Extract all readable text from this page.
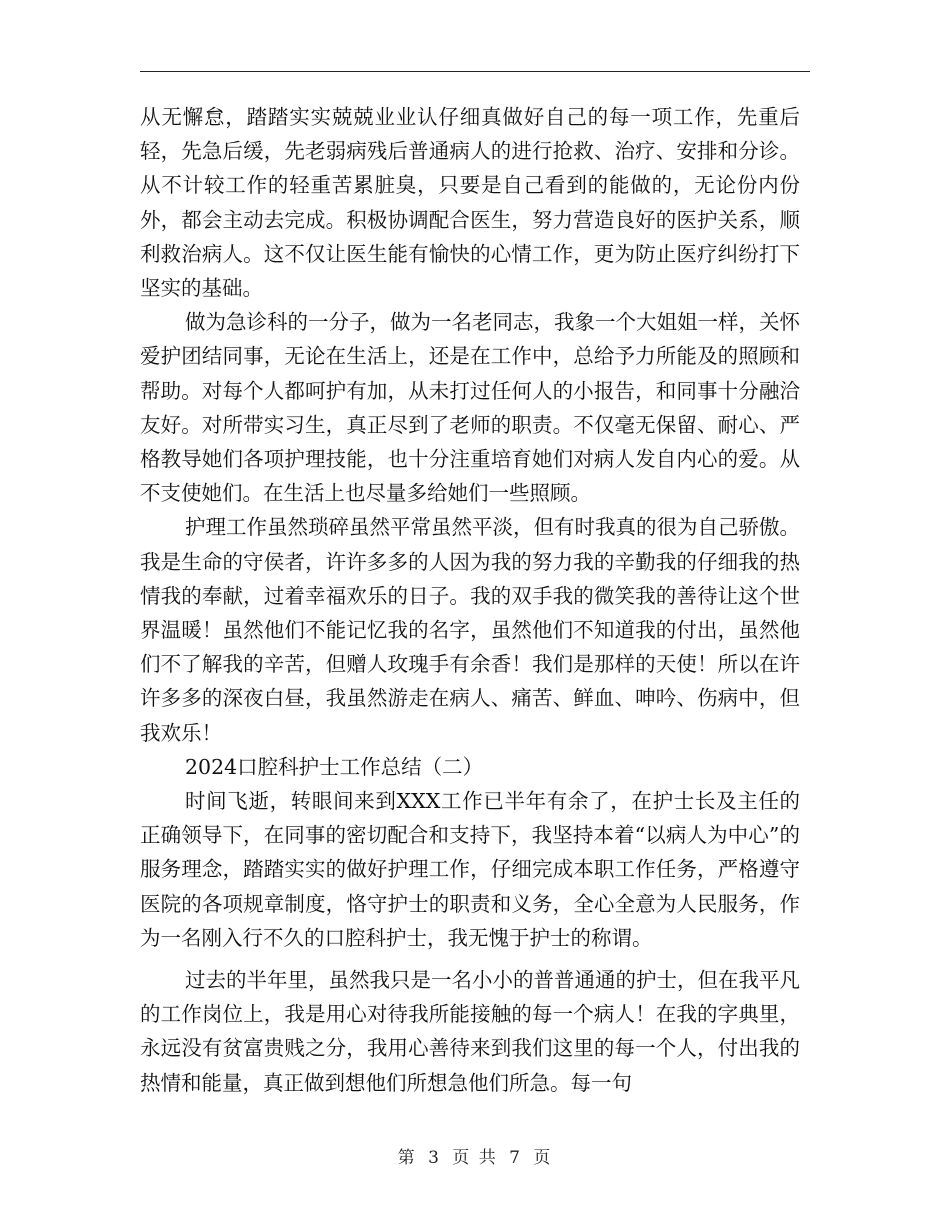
从无懈怠，踏踏实实兢兢业业认仔细真做好自己的每一项工作，先重后轻，先急后缓，先老弱病残后普通病人的进行抢救、治疗、安排和分诊。从不计较工作的轻重苦累脏臭，只要是自己看到的能做的，无论份内份外，都会主动去完成。积极协调配合医生，努力营造良好的医护关系，顺利救治病人。这不仅让医生能有愉快的心情工作，更为防止医疗纠纷打下坚实的基础。

做为急诊科的一分子，做为一名老同志，我象一个大姐姐一样，关怀爱护团结同事，无论在生活上，还是在工作中，总给予力所能及的照顾和帮助。对每个人都呵护有加，从未打过任何人的小报告，和同事十分融洽友好。对所带实习生，真正尽到了老师的职责。不仅毫无保留、耐心、严格教导她们各项护理技能，也十分注重培育她们对病人发自内心的爱。从不支使她们。在生活上也尽量多给她们一些照顾。

护理工作虽然琐碎虽然平常虽然平淡，但有时我真的很为自己骄傲。我是生命的守侯者，许许多多的人因为我的努力我的辛勤我的仔细我的热情我的奉献，过着幸福欢乐的日子。我的双手我的微笑我的善待让这个世界温暖！虽然他们不能记忆我的名字，虽然他们不知道我的付出，虽然他们不了解我的辛苦，但赠人玫瑰手有余香！我们是那样的天使！所以在许许多多的深夜白昼，我虽然游走在病人、痛苦、鲜血、呻吟、伤病中，但我欢乐！

2024口腔科护士工作总结（二）

时间飞逝，转眼间来到XXX工作已半年有余了，在护士长及主任的正确领导下，在同事的密切配合和支持下，我坚持本着“以病人为中心”的服务理念，踏踏实实的做好护理工作，仔细完成本职工作任务，严格遵守医院的各项规章制度，恪守护士的职责和义务，全心全意为人民服务，作为一名刚入行不久的口腔科护士，我无愧于护士的称谓。

过去的半年里，虽然我只是一名小小的普普通通的护士，但在我平凡的工作岗位上，我是用心对待我所能接触的每一个病人！在我的字典里，永远没有贫富贵贱之分，我用心善待来到我们这里的每一个人，付出我的热情和能量，真正做到想他们所想急他们所急。每一句

第 3 页 共 7 页
